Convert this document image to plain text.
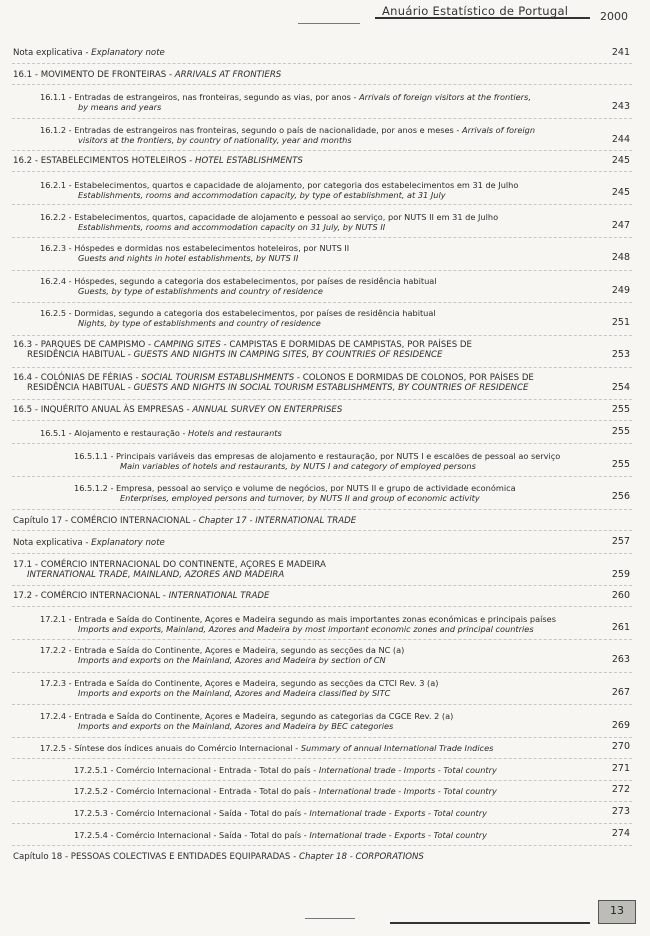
Anuário Estatístico de Portugal	2000
Nota explicativa - Explanatory note	241
16.1 - MOVIMENTO DE FRONTEIRAS - ARRIVALS AT FRONTIERS
16.1.1 - Entradas de estrangeiros, nas fronteiras, segundo as vias, por anos - Arrivals of foreign visitors at the frontiers,
by means and years	243
16.1.2 - Entradas de estrangeiros nas fronteiras, segundo o país de nacionalidade, por anos e meses - Arrivals of foreign
visitors at the frontiers, by country of nationality, year and months	244
16.2 - ESTABELECIMENTOS HOTELEIROS - HOTEL ESTABLISHMENTS	245
16.2.1 - Estabelecimentos, quartos e capacidade de alojamento, por categoria dos estabelecimentos em 31 de Julho
Establishments, rooms and accommodation capacity, by type of establishment, at 31 July	245
16.2.2 - Estabelecimentos, quartos, capacidade de alojamento e pessoal ao serviço, por NUTS II em 31 de Julho
Establishments, rooms and accommodation capacity on 31 July, by NUTS II	247
16.2.3 - Hóspedes e dormidas nos estabelecimentos hoteleiros, por NUTS II
Guests and nights in hotel establishments, by NUTS II	248
16.2.4 - Hóspedes, segundo a categoria dos estabelecimentos, por países de residência habitual
Guests, by type of establishments and country of residence	249
16.2.5 - Dormidas, segundo a categoria dos estabelecimentos, por países de residência habitual
Nights, by type of establishments and country of residence	251
16.3 - PARQUES DE CAMPISMO - CAMPING SITES - CAMPISTAS E DORMIDAS DE CAMPISTAS, POR PAÍSES DE
RESIDÊNCIA HABITUAL - GUESTS AND NIGHTS IN CAMPING SITES, BY COUNTRIES OF RESIDENCE	253
16.4 - COLÓNIAS DE FÉRIAS - SOCIAL TOURISM ESTABLISHMENTS - COLONOS E DORMIDAS DE COLONOS, POR PAÍSES DE
RESIDÊNCIA HABITUAL - GUESTS AND NIGHTS IN SOCIAL TOURISM ESTABLISHMENTS, BY COUNTRIES OF RESIDENCE	254
16.5 - INQUÉRITO ANUAL ÀS EMPRESAS - ANNUAL SURVEY ON ENTERPRISES	255
16.5.1 - Alojamento e restauração - Hotels and restaurants	255
16.5.1.1 - Principais variáveis das empresas de alojamento e restauração, por NUTS I e escalões de pessoal ao serviço
Main variables of hotels and restaurants, by NUTS I and category of employed persons	255
16.5.1.2 - Empresa, pessoal ao serviço e volume de negócios, por NUTS II e grupo de actividade económica
Enterprises, employed persons and turnover, by NUTS II and group of economic activity	256
Capítulo 17 - COMÉRCIO INTERNACIONAL - Chapter 17 - INTERNATIONAL TRADE
Nota explicativa - Explanatory note	257
17.1 - COMÉRCIO INTERNACIONAL DO CONTINENTE, AÇORES E MADEIRA
INTERNATIONAL TRADE, MAINLAND, AZORES AND MADEIRA	259
17.2 - COMÉRCIO INTERNACIONAL - INTERNATIONAL TRADE	260
17.2.1 - Entrada e Saída do Continente, Açores e Madeira segundo as mais importantes zonas económicas e principais países
Imports and exports, Mainland, Azores and Madeira by most important economic zones and principal countries	261
17.2.2 - Entrada e Saída do Continente, Açores e Madeira, segundo as secções da NC (a)
Imports and exports on the Mainland, Azores and Madeira by section of CN	263
17.2.3 - Entrada e Saída do Continente, Açores e Madeira, segundo as secções da CTCI Rev. 3 (a)
Imports and exports on the Mainland, Azores and Madeira classified by SITC	267
17.2.4 - Entrada e Saída do Continente, Açores e Madeira, segundo as categorias da CGCE Rev. 2 (a)
Imports and exports on the Mainland, Azores and Madeira by BEC categories	269
17.2.5 - Síntese dos índices anuais do Comércio Internacional - Summary of annual International Trade Indices	270
17.2.5.1 - Comércio Internacional - Entrada - Total do país - International trade - Imports - Total country	271
17.2.5.2 - Comércio Internacional - Entrada - Total do país - International trade - Imports - Total country	272
17.2.5.3 - Comércio Internacional - Saída - Total do país - International trade - Exports - Total country	273
17.2.5.4 - Comércio Internacional - Saída - Total do país - International trade - Exports - Total country	274
Capítulo 18 - PESSOAS COLECTIVAS E ENTIDADES EQUIPARADAS - Chapter 18 - CORPORATIONS
13
